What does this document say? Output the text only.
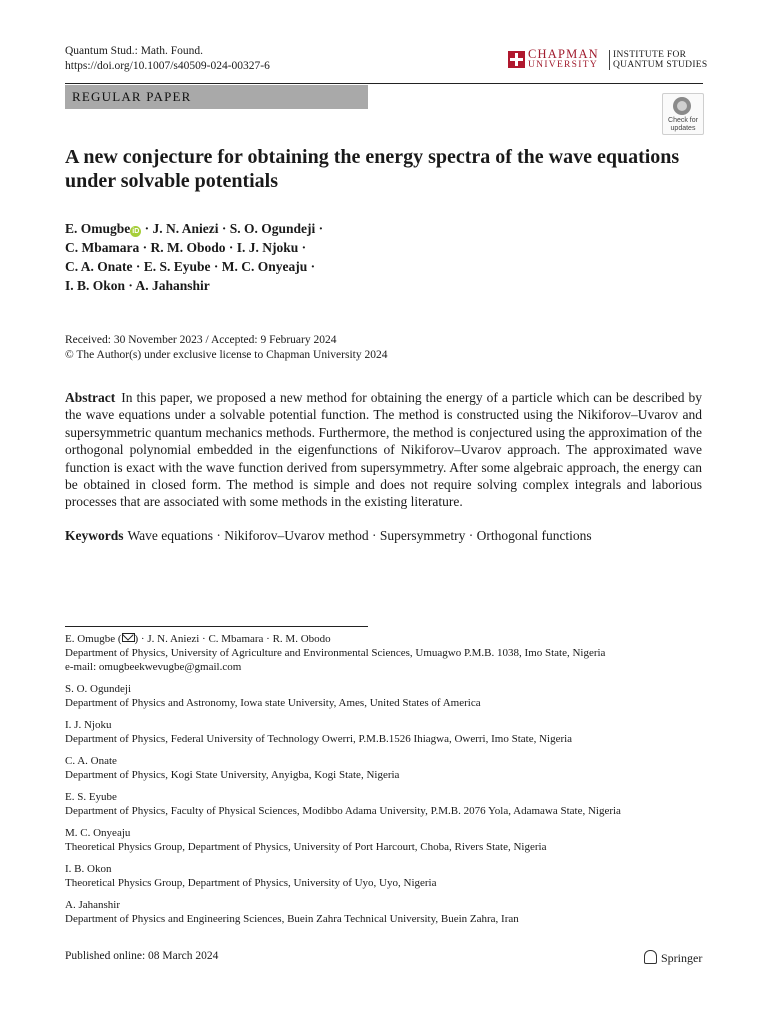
Quantum Stud.: Math. Found.
https://doi.org/10.1007/s40509-024-00327-6
CHAPMAN
UNIVERSITY
INSTITUTE FOR
QUANTUM STUDIES
REGULAR PAPER
Check for
updates
A new conjecture for obtaining the energy spectra of the wave equations under solvable potentials
E. Omugbe iD · J. N. Aniezi · S. O. Ogundeji ·
C. Mbamara · R. M. Obodo · I. J. Njoku ·
C. A. Onate · E. S. Eyube · M. C. Onyeaju ·
I. B. Okon · A. Jahanshir
Received: 30 November 2023 / Accepted: 9 February 2024
© The Author(s) under exclusive license to Chapman University 2024
Abstract In this paper, we proposed a new method for obtaining the energy of a particle which can be described by the wave equations under a solvable potential function. The method is constructed using the Nikiforov–Uvarov and supersymmetric quantum mechanics methods. Furthermore, the method is conjectured using the approximation of the orthogonal polynomial embedded in the eigenfunctions of Nikiforov–Uvarov approach. The approximated wave function is exact with the wave function derived from supersymmetry. After some algebraic approach, the energy can be obtained in closed form. The method is simple and does not require solving complex integrals and laborious processes that are associated with some methods in the existing literature.
Keywords Wave equations · Nikiforov–Uvarov method · Supersymmetry · Orthogonal functions
E. Omugbe ( ) · J. N. Aniezi · C. Mbamara · R. M. Obodo
Department of Physics, University of Agriculture and Environmental Sciences, Umuagwo P.M.B. 1038, Imo State, Nigeria
e-mail: omugbeekwevugbe@gmail.com
S. O. Ogundeji
Department of Physics and Astronomy, Iowa state University, Ames, United States of America
I. J. Njoku
Department of Physics, Federal University of Technology Owerri, P.M.B.1526 Ihiagwa, Owerri, Imo State, Nigeria
C. A. Onate
Department of Physics, Kogi State University, Anyigba, Kogi State, Nigeria
E. S. Eyube
Department of Physics, Faculty of Physical Sciences, Modibbo Adama University, P.M.B. 2076 Yola, Adamawa State, Nigeria
M. C. Onyeaju
Theoretical Physics Group, Department of Physics, University of Port Harcourt, Choba, Rivers State, Nigeria
I. B. Okon
Theoretical Physics Group, Department of Physics, University of Uyo, Uyo, Nigeria
A. Jahanshir
Department of Physics and Engineering Sciences, Buein Zahra Technical University, Buein Zahra, Iran
Published online: 08 March 2024	Springer
